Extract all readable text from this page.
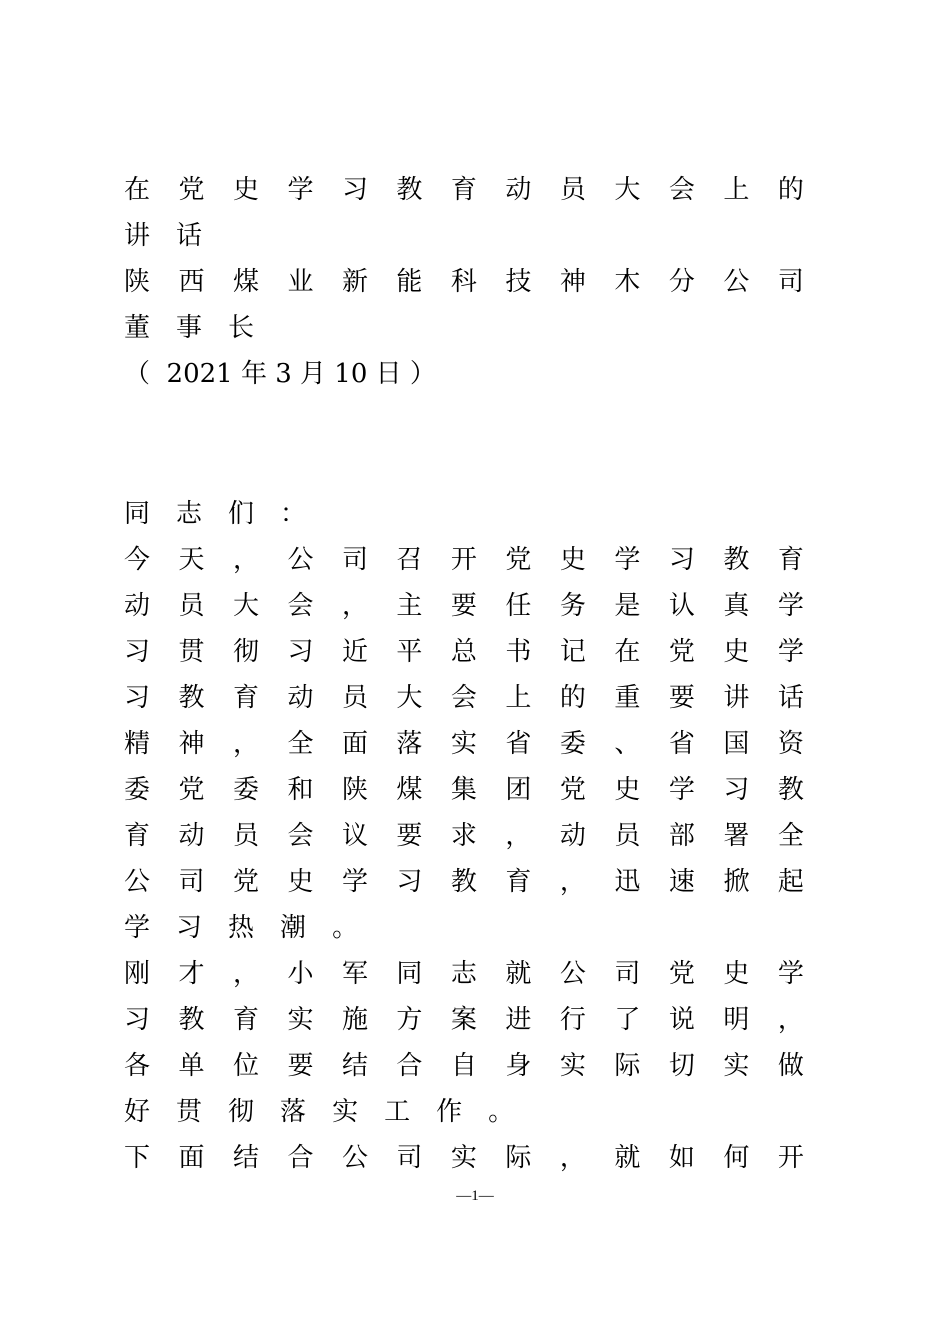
在 党 史 学 习 教 育 动 员 大 会 上 的
讲 话
陕 西 煤 业 新 能 科 技 神 木 分 公 司
董 事 长
（  2021 年 3 月 10 日 ）
同 志 们 ：
今 天 ， 公 司 召 开 党 史 学 习 教 育
动 员 大 会 ， 主 要 任 务 是 认 真 学
习 贯 彻 习 近 平 总 书 记 在 党 史 学
习 教 育 动 员 大 会 上 的 重 要 讲 话
精 神 ， 全 面 落 实 省 委 、 省 国 资
委 党 委 和 陕 煤 集 团 党 史 学 习 教
育 动 员 会 议 要 求 ， 动 员 部 署 全
公 司 党 史 学 习 教 育 ， 迅 速 掀 起
学 习 热 潮 。
刚 才 ， 小 军 同 志 就 公 司 党 史 学
习 教 育 实 施 方 案 进 行 了 说 明 ，
各 单 位 要 结 合 自 身 实 际 切 实 做
好 贯 彻 落 实 工 作 。
下 面 结 合 公 司 实 际 ， 就 如 何 开
—1—
